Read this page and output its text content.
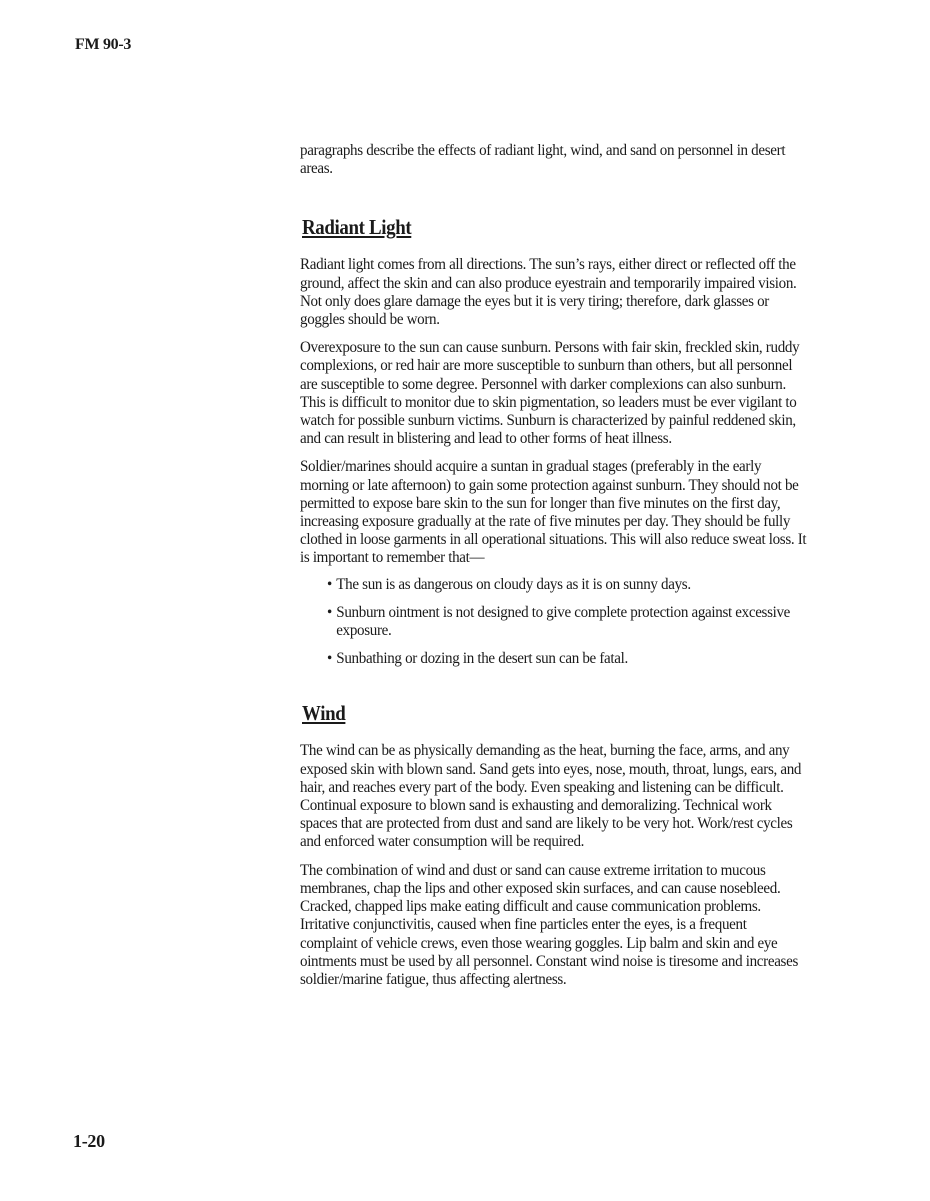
FM 90-3

paragraphs describe the effects of radiant light, wind, and sand on personnel in desert areas.

Radiant Light

Radiant light comes from all directions. The sun’s rays, either direct or reflected off the ground, affect the skin and can also produce eyestrain and temporarily impaired vision. Not only does glare damage the eyes but it is very tiring; therefore, dark glasses or goggles should be worn.

Overexposure to the sun can cause sunburn. Persons with fair skin, freckled skin, ruddy complexions, or red hair are more susceptible to sunburn than others, but all personnel are susceptible to some degree. Personnel with darker complexions can also sunburn. This is difficult to monitor due to skin pigmentation, so leaders must be ever vigilant to watch for possible sunburn victims. Sunburn is characterized by painful reddened skin, and can result in blistering and lead to other forms of heat illness.

Soldier/marines should acquire a suntan in gradual stages (preferably in the early morning or late afternoon) to gain some protection against sunburn. They should not be permitted to expose bare skin to the sun for longer than five minutes on the first day, increasing exposure gradually at the rate of five minutes per day. They should be fully clothed in loose garments in all operational situations. This will also reduce sweat loss. It is important to remember that—

• The sun is as dangerous on cloudy days as it is on sunny days.
• Sunburn ointment is not designed to give complete protection against excessive exposure.
• Sunbathing or dozing in the desert sun can be fatal.
Wind

The wind can be as physically demanding as the heat, burning the face, arms, and any exposed skin with blown sand. Sand gets into eyes, nose, mouth, throat, lungs, ears, and hair, and reaches every part of the body. Even speaking and listening can be difficult. Continual exposure to blown sand is exhausting and demoralizing. Technical work spaces that are protected from dust and sand are likely to be very hot. Work/rest cycles and enforced water consumption will be required.

The combination of wind and dust or sand can cause extreme irritation to mucous membranes, chap the lips and other exposed skin surfaces, and can cause nosebleed. Cracked, chapped lips make eating difficult and cause communication problems. Irritative conjunctivitis, caused when fine particles enter the eyes, is a frequent complaint of vehicle crews, even those wearing goggles. Lip balm and skin and eye ointments must be used by all personnel. Constant wind noise is tiresome and increases soldier/marine fatigue, thus affecting alertness.

1-20
